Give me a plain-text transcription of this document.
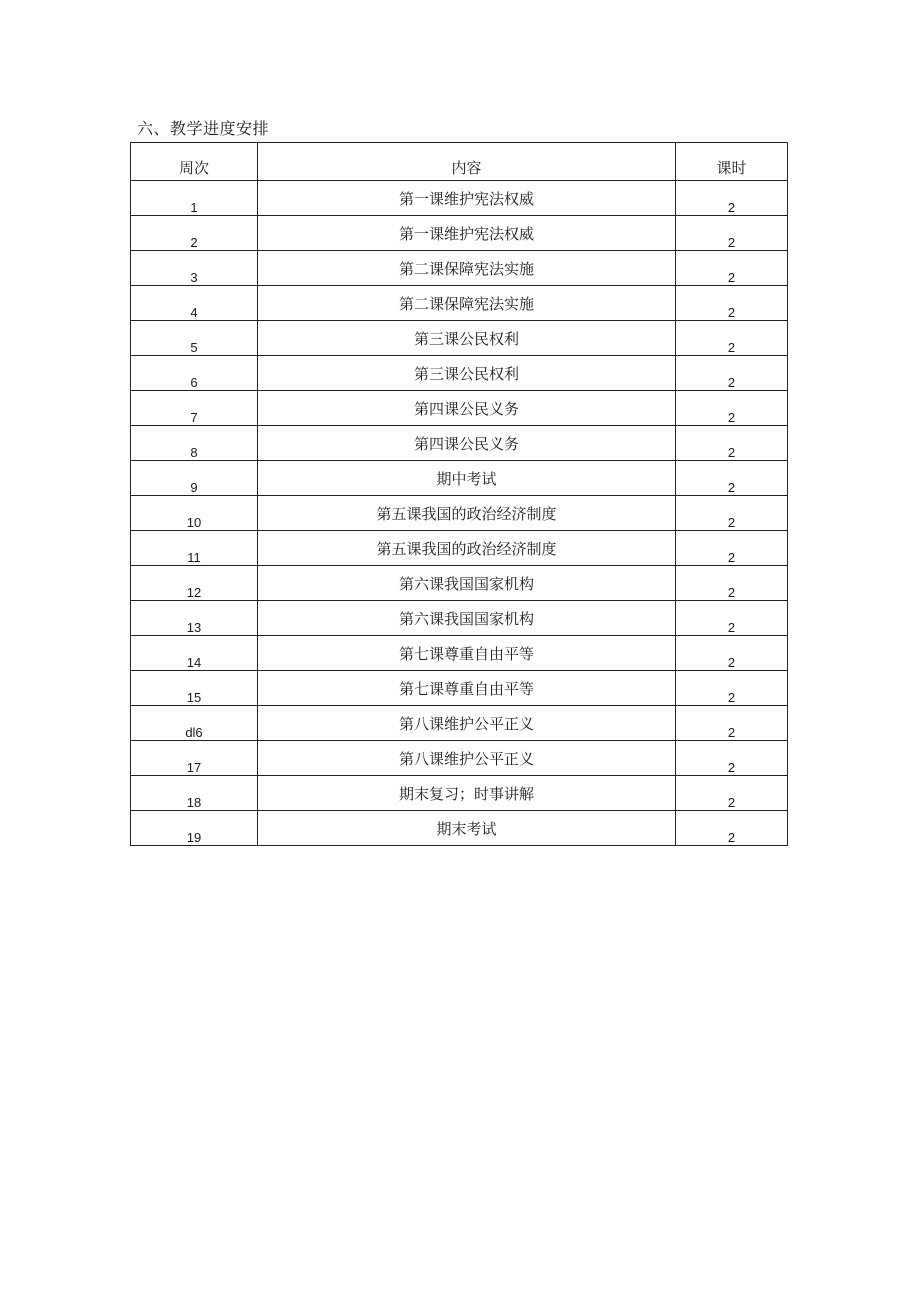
六、教学进度安排
周次	内容	课时
1	第一课维护宪法权威	2
2	第一课维护宪法权威	2
3	第二课保障宪法实施	2
4	第二课保障宪法实施	2
5	第三课公民权利	2
6	第三课公民权利	2
7	第四课公民义务	2
8	第四课公民义务	2
9	期中考试	2
10	第五课我国的政治经济制度	2
11	第五课我国的政治经济制度	2
12	第六课我国国家机构	2
13	第六课我国国家机构	2
14	第七课尊重自由平等	2
15	第七课尊重自由平等	2
dl6	第八课维护公平正义	2
17	第八课维护公平正义	2
18	期末复习；时事讲解	2
19	期末考试	2
